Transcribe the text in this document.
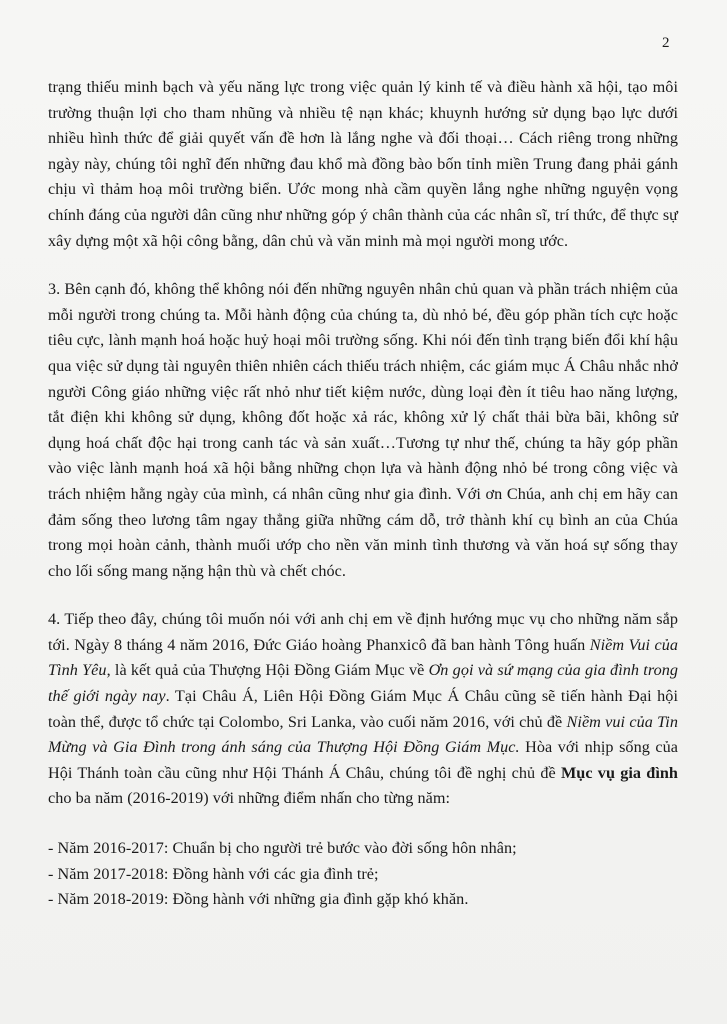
2

trạng thiếu minh bạch và yếu năng lực trong việc quản lý kinh tế và điều hành xã hội, tạo môi trường thuận lợi cho tham nhũng và nhiều tệ nạn khác; khuynh hướng sử dụng bạo lực dưới nhiều hình thức để giải quyết vấn đề hơn là lắng nghe và đối thoại… Cách riêng trong những ngày này, chúng tôi nghĩ đến những đau khổ mà đồng bào bốn tỉnh miền Trung đang phải gánh chịu vì thảm hoạ môi trường biển. Ước mong nhà cầm quyền lắng nghe những nguyện vọng chính đáng của người dân cũng như những góp ý chân thành của các nhân sĩ, trí thức, để thực sự xây dựng một xã hội công bằng, dân chủ và văn minh mà mọi người mong ước.

3. Bên cạnh đó, không thể không nói đến những nguyên nhân chủ quan và phần trách nhiệm của mỗi người trong chúng ta. Mỗi hành động của chúng ta, dù nhỏ bé, đều góp phần tích cực hoặc tiêu cực, lành mạnh hoá hoặc huỷ hoại môi trường sống. Khi nói đến tình trạng biến đổi khí hậu qua việc sử dụng tài nguyên thiên nhiên cách thiếu trách nhiệm, các giám mục Á Châu nhắc nhở người Công giáo những việc rất nhỏ như tiết kiệm nước, dùng loại đèn ít tiêu hao năng lượng, tắt điện khi không sử dụng, không đốt hoặc xả rác, không xử lý chất thải bừa bãi, không sử dụng hoá chất độc hại trong canh tác và sản xuất…Tương tự như thế, chúng ta hãy góp phần vào việc lành mạnh hoá xã hội bằng những chọn lựa và hành động nhỏ bé trong công việc và trách nhiệm hằng ngày của mình, cá nhân cũng như gia đình. Với ơn Chúa, anh chị em hãy can đảm sống theo lương tâm ngay thẳng giữa những cám dỗ, trở thành khí cụ bình an của Chúa trong mọi hoàn cảnh, thành muối ướp cho nền văn minh tình thương và văn hoá sự sống thay cho lối sống mang nặng hận thù và chết chóc.

4. Tiếp theo đây, chúng tôi muốn nói với anh chị em về định hướng mục vụ cho những năm sắp tới. Ngày 8 tháng 4 năm 2016, Đức Giáo hoàng Phanxicô đã ban hành Tông huấn Niềm Vui của Tình Yêu, là kết quả của Thượng Hội Đồng Giám Mục về Ơn gọi và sứ mạng của gia đình trong thế giới ngày nay. Tại Châu Á, Liên Hội Đồng Giám Mục Á Châu cũng sẽ tiến hành Đại hội toàn thể, được tổ chức tại Colombo, Sri Lanka, vào cuối năm 2016, với chủ đề Niềm vui của Tin Mừng và Gia Đình trong ánh sáng của Thượng Hội Đồng Giám Mục. Hòa với nhịp sống của Hội Thánh toàn cầu cũng như Hội Thánh Á Châu, chúng tôi đề nghị chủ đề Mục vụ gia đình cho ba năm (2016-2019) với những điểm nhấn cho từng năm:

- Năm 2016-2017: Chuẩn bị cho người trẻ bước vào đời sống hôn nhân;
- Năm 2017-2018: Đồng hành với các gia đình trẻ;
- Năm 2018-2019: Đồng hành với những gia đình gặp khó khăn.
